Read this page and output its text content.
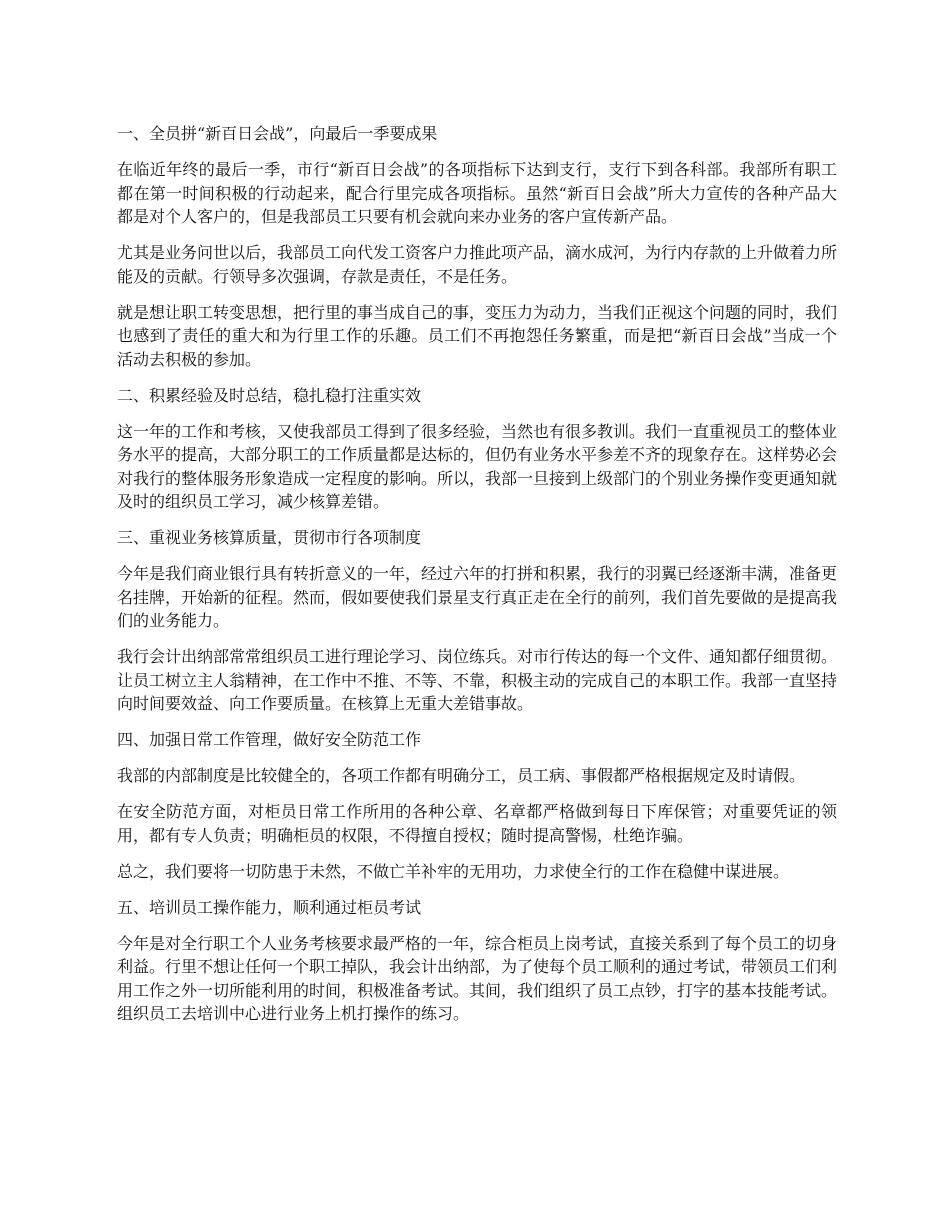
一、全员拼“新百日会战”，向最后一季要成果

在临近年终的最后一季，市行“新百日会战”的各项指标下达到支行，支行下到各科部。我部所有职工都在第一时间积极的行动起来，配合行里完成各项指标。虽然“新百日会战”所大力宣传的各种产品大都是对个人客户的，但是我部员工只要有机会就向来办业务的客户宣传新产品。

尤其是业务问世以后，我部员工向代发工资客户力推此项产品，滴水成河，为行内存款的上升做着力所能及的贡献。行领导多次强调，存款是责任，不是任务。

就是想让职工转变思想，把行里的事当成自己的事，变压力为动力，当我们正视这个问题的同时，我们也感到了责任的重大和为行里工作的乐趣。员工们不再抱怨任务繁重，而是把“新百日会战”当成一个活动去积极的参加。

二、积累经验及时总结，稳扎稳打注重实效

这一年的工作和考核，又使我部员工得到了很多经验，当然也有很多教训。我们一直重视员工的整体业务水平的提高，大部分职工的工作质量都是达标的，但仍有业务水平参差不齐的现象存在。这样势必会对我行的整体服务形象造成一定程度的影响。所以，我部一旦接到上级部门的个别业务操作变更通知就及时的组织员工学习，减少核算差错。

三、重视业务核算质量，贯彻市行各项制度

今年是我们商业银行具有转折意义的一年，经过六年的打拼和积累，我行的羽翼已经逐渐丰满，准备更名挂牌，开始新的征程。然而，假如要使我们景星支行真正走在全行的前列，我们首先要做的是提高我们的业务能力。

我行会计出纳部常常组织员工进行理论学习、岗位练兵。对市行传达的每一个文件、通知都仔细贯彻。让员工树立主人翁精神，在工作中不推、不等、不靠，积极主动的完成自己的本职工作。我部一直坚持向时间要效益、向工作要质量。在核算上无重大差错事故。

四、加强日常工作管理，做好安全防范工作

我部的内部制度是比较健全的，各项工作都有明确分工，员工病、事假都严格根据规定及时请假。

在安全防范方面，对柜员日常工作所用的各种公章、名章都严格做到每日下库保管；对重要凭证的领用，都有专人负责；明确柜员的权限，不得擅自授权；随时提高警惕，杜绝诈骗。

总之，我们要将一切防患于未然，不做亡羊补牢的无用功，力求使全行的工作在稳健中谋进展。

五、培训员工操作能力，顺利通过柜员考试

今年是对全行职工个人业务考核要求最严格的一年，综合柜员上岗考试，直接关系到了每个员工的切身利益。行里不想让任何一个职工掉队，我会计出纳部，为了使每个员工顺利的通过考试，带领员工们利用工作之外一切所能利用的时间，积极准备考试。其间，我们组织了员工点钞，打字的基本技能考试。组织员工去培训中心进行业务上机打操作的练习。
